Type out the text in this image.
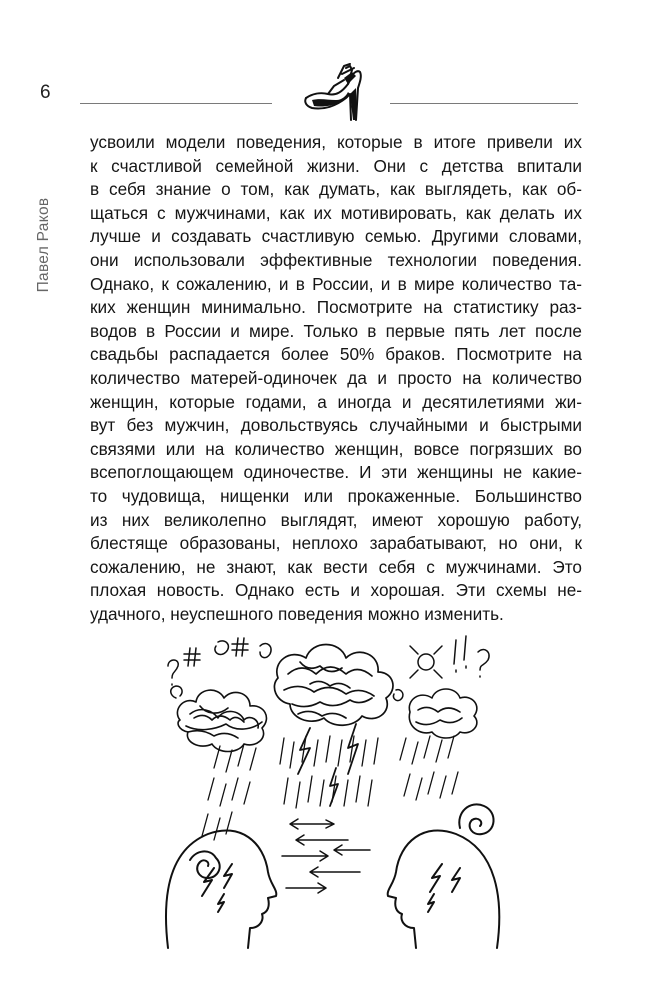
6
Павел Раков
усвоили модели поведения, которые в итоге привели их
к счастливой семейной жизни. Они с детства впитали
в себя знание о том, как думать, как выглядеть, как об-
щаться с мужчинами, как их мотивировать, как делать их
лучше и создавать счастливую семью. Другими словами,
они использовали эффективные технологии поведения.
Однако, к сожалению, и в России, и в мире количество та-
ких женщин минимально. Посмотрите на статистику раз-
водов в России и мире. Только в первые пять лет после
свадьбы распадается более 50% браков. Посмотрите на
количество матерей-одиночек да и просто на количество
женщин, которые годами, а иногда и десятилетиями жи-
вут без мужчин, довольствуясь случайными и быстрыми
связями или на количество женщин, вовсе погрязших во
всепоглощающем одиночестве. И эти женщины не какие-
то чудовища, нищенки или прокаженные. Большинство
из них великолепно выглядят, имеют хорошую работу,
блестяще образованы, неплохо зарабатывают, но они, к
сожалению, не знают, как вести себя с мужчинами. Это
плохая новость. Однако есть и хорошая. Эти схемы не-
удачного, неуспешного поведения можно изменить.
